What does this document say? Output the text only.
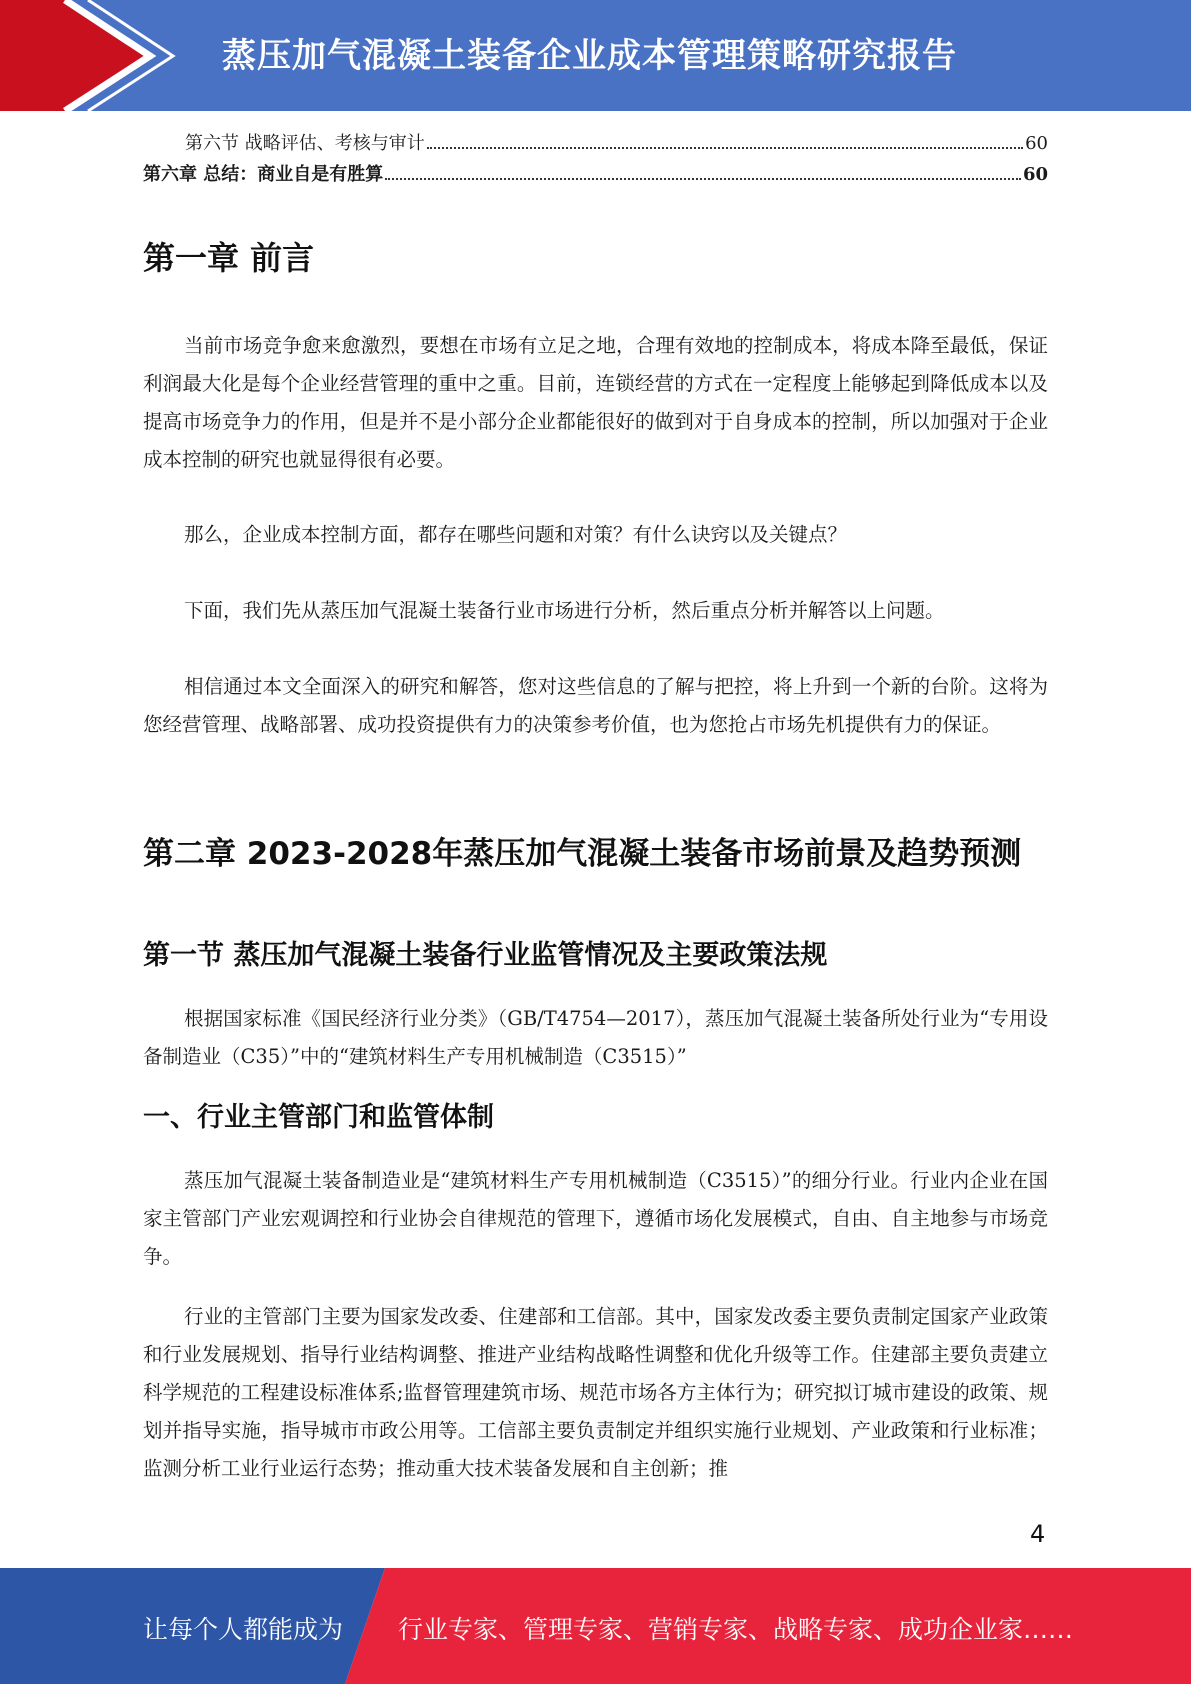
蒸压加气混凝土装备企业成本管理策略研究报告
第六节 战略评估、考核与审计	60
第六章 总结：商业自是有胜算	60
第一章 前言

当前市场竞争愈来愈激烈，要想在市场有立足之地，合理有效地的控制成本，将成本降至最低，保证利润最大化是每个企业经营管理的重中之重。目前，连锁经营的方式在一定程度上能够起到降低成本以及提高市场竞争力的作用，但是并不是小部分企业都能很好的做到对于自身成本的控制，所以加强对于企业成本控制的研究也就显得很有必要。

那么，企业成本控制方面，都存在哪些问题和对策？有什么诀窍以及关键点？

下面，我们先从蒸压加气混凝土装备行业市场进行分析，然后重点分析并解答以上问题。

相信通过本文全面深入的研究和解答，您对这些信息的了解与把控，将上升到一个新的台阶。这将为您经营管理、战略部署、成功投资提供有力的决策参考价值，也为您抢占市场先机提供有力的保证。

第二章 2023-2028年蒸压加气混凝土装备市场前景及趋势预测
第一节 蒸压加气混凝土装备行业监管情况及主要政策法规

根据国家标准《国民经济行业分类》（GB/T4754—2017），蒸压加气混凝土装备所处行业为“专用设备制造业（C35）”中的“建筑材料生产专用机械制造（C3515）”

一、行业主管部门和监管体制

蒸压加气混凝土装备制造业是“建筑材料生产专用机械制造（C3515）”的细分行业。行业内企业在国家主管部门产业宏观调控和行业协会自律规范的管理下，遵循市场化发展模式，自由、自主地参与市场竞争。

行业的主管部门主要为国家发改委、住建部和工信部。其中，国家发改委主要负责制定国家产业政策和行业发展规划、指导行业结构调整、推进产业结构战略性调整和优化升级等工作。住建部主要负责建立科学规范的工程建设标准体系;监督管理建筑市场、规范市场各方主体行为；研究拟订城市建设的政策、规划并指导实施，指导城市市政公用等。工信部主要负责制定并组织实施行业规划、产业政策和行业标准；监测分析工业行业运行态势；推动重大技术装备发展和自主创新；推

4
让每个人都能成为 行业专家、管理专家、营销专家、战略专家、成功企业家……
